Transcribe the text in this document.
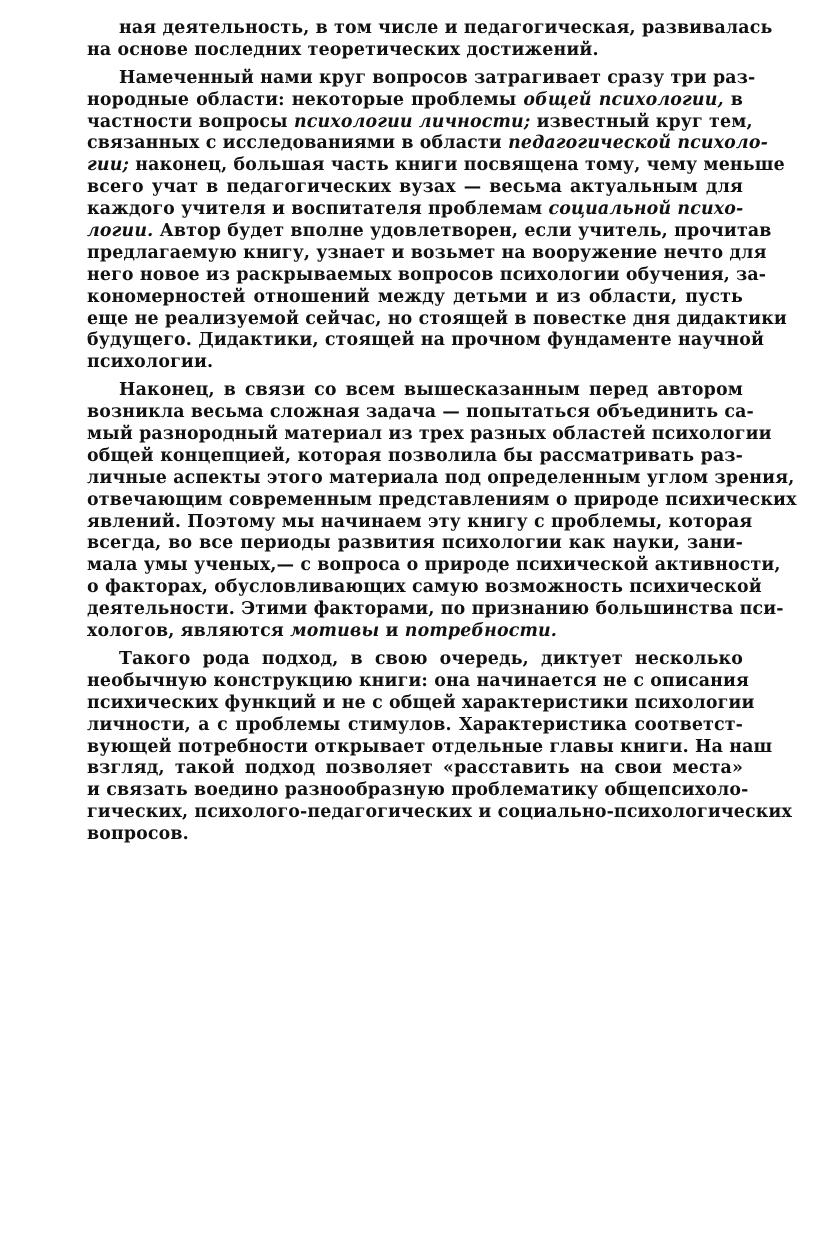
ная деятельность, в том числе и педагогическая, развивалась
на основе последних теоретических достижений.
Намеченный нами круг вопросов затрагивает сразу три раз-
нородные области: некоторые проблемы общей психологии, в
частности вопросы психологии личности; известный круг тем,
связанных с исследованиями в области педагогической психоло-
гии; наконец, большая часть книги посвящена тому, чему меньше
всего учат в педагогических вузах — весьма актуальным для
каждого учителя и воспитателя проблемам социальной психо-
логии. Автор будет вполне удовлетворен, если учитель, прочитав
предлагаемую книгу, узнает и возьмет на вооружение нечто для
него новое из раскрываемых вопросов психологии обучения, за-
кономерностей отношений между детьми и из области, пусть
еще не реализуемой сейчас, но стоящей в повестке дня дидактики
будущего. Дидактики, стоящей на прочном фундаменте научной
психологии.
Наконец, в связи со всем вышесказанным перед автором
возникла весьма сложная задача — попытаться объединить са-
мый разнородный материал из трех разных областей психологии
общей концепцией, которая позволила бы рассматривать раз-
личные аспекты этого материала под определенным углом зрения,
отвечающим современным представлениям о природе психических
явлений. Поэтому мы начинаем эту книгу с проблемы, которая
всегда, во все периоды развития психологии как науки, зани-
мала умы ученых,— с вопроса о природе психической активности,
о факторах, обусловливающих самую возможность психической
деятельности. Этими факторами, по признанию большинства пси-
хологов, являются мотивы и потребности.
Такого рода подход, в свою очередь, диктует несколько
необычную конструкцию книги: она начинается не с описания
психических функций и не с общей характеристики психологии
личности, а с проблемы стимулов. Характеристика соответст-
вующей потребности открывает отдельные главы книги. На наш
взгляд, такой подход позволяет «расставить на свои места»
и связать воедино разнообразную проблематику общепсихоло-
гических, психолого-педагогических и социально-психологических
вопросов.
